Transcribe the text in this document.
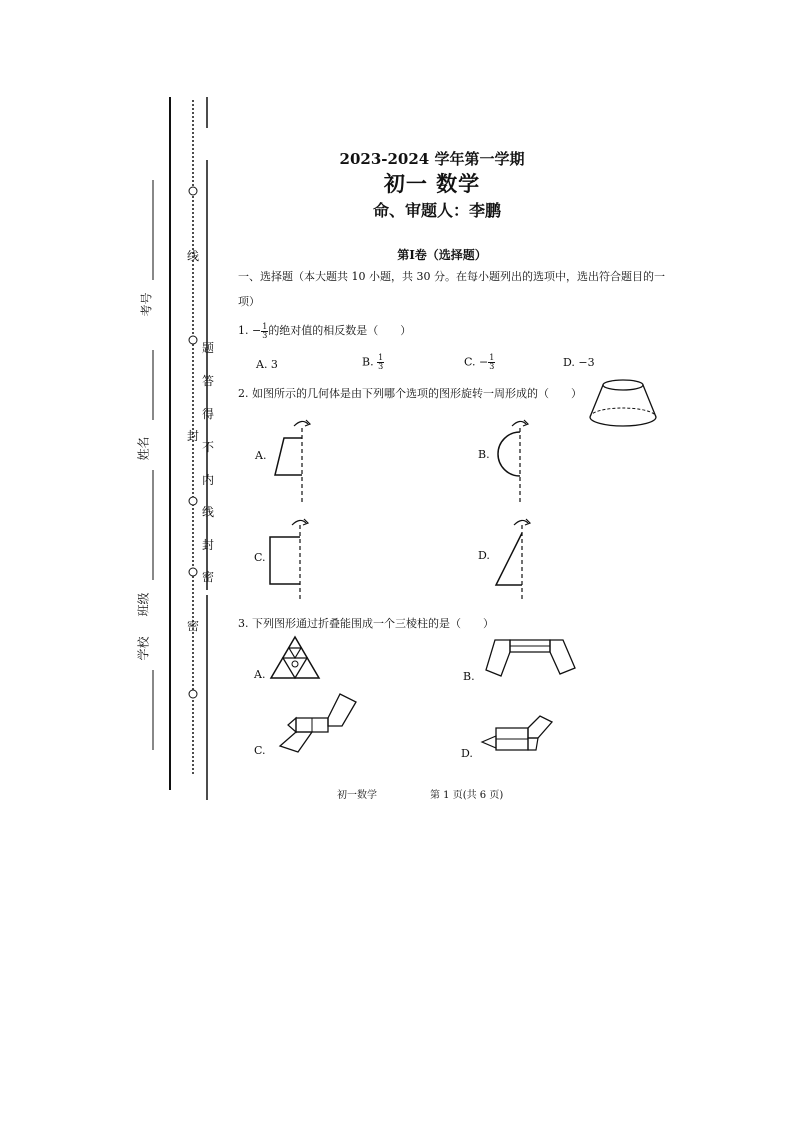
考号
姓名
班级
学校
线
封
密
题
答
得
不
内
线
封
密
2023-2024 学年第一学期
初一 数学
命、审题人：李鹏
第Ⅰ卷（选择题）
一、选择题（本大题共 10 小题，共 30 分。在每小题列出的选项中，选出符合题目的一
项）
1. − $\frac{1}{3}$ 的绝对值的相反数是（　　）
A. 3	B. $\frac{1}{3}$	C. − $\frac{1}{3}$	D. −3
2. 如图所示的几何体是由下列哪个选项的图形旋转一周形成的（　　）
A.	B.
C.	D.
3. 下列图形通过折叠能围成一个三棱柱的是（　　）
A.	B.
C.	D.
初一数学	第 1 页(共 6 页)
